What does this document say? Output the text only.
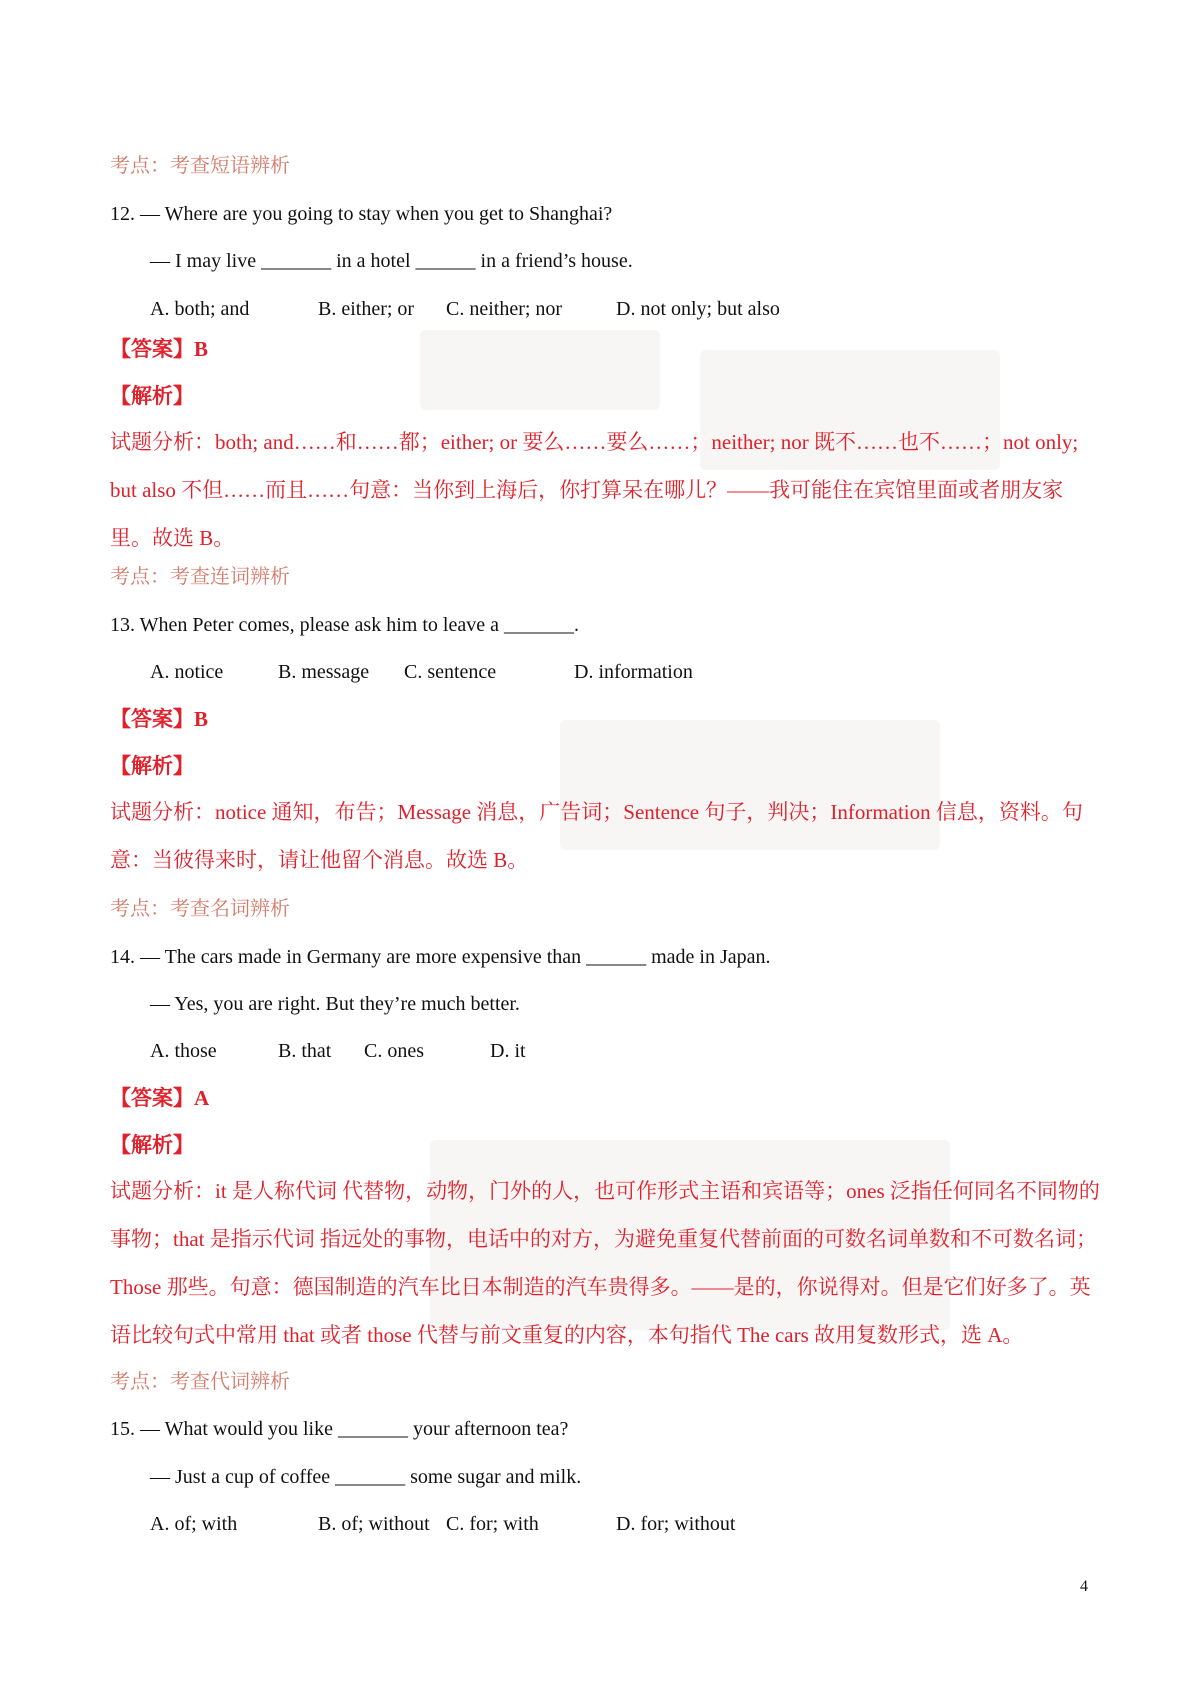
考点：考查短语辨析
12. — Where are you going to stay when you get to Shanghai?
— I may live _______ in a hotel ______ in a friend’s house.
A. both; and	B. either; or C. neither; nor	D. not only; but also
【答案】B
【解析】
试题分析：both; and……和……都；either; or 要么……要么……；neither; nor 既不……也不……；not only; but also 不但……而且……句意：当你到上海后，你打算呆在哪儿？——我可能住在宾馆里面或者朋友家里。故选 B。
考点：考查连词辨析
13. When Peter comes, please ask him to leave a _______.
A. notice	B. message C. sentence	D. information
【答案】B
【解析】
试题分析：notice 通知，布告；Message 消息，广告词；Sentence 句子，判决；Information 信息，资料。句意：当彼得来时，请让他留个消息。故选 B。
考点：考查名词辨析
14. — The cars made in Germany are more expensive than ______ made in Japan.
— Yes, you are right. But they’re much better.
A. those	B. that C. ones	D. it
【答案】A
【解析】
试题分析：it 是人称代词 代替物，动物，门外的人，也可作形式主语和宾语等；ones 泛指任何同名不同物的事物；that 是指示代词 指远处的事物，电话中的对方，为避免重复代替前面的可数名词单数和不可数名词；Those 那些。句意：德国制造的汽车比日本制造的汽车贵得多。——是的，你说得对。但是它们好多了。英语比较句式中常用 that 或者 those 代替与前文重复的内容，本句指代 The cars 故用复数形式，选 A。
考点：考查代词辨析
15. — What would you like _______ your afternoon tea?
— Just a cup of coffee _______ some sugar and milk.
A. of; with	B. of; without C. for; with	D. for; without
4
